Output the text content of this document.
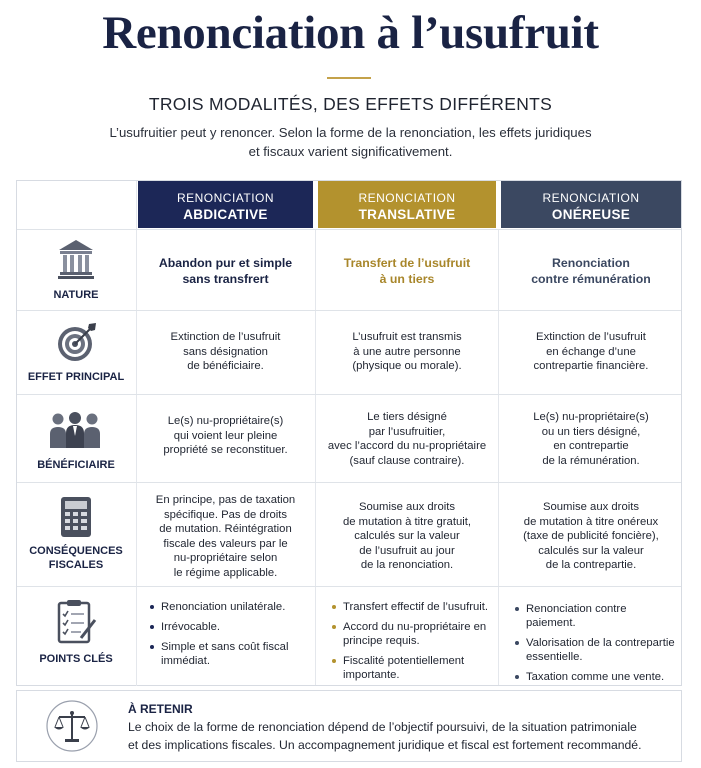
Renonciation à l’usufruit
TROIS MODALITÉS, DES EFFETS DIFFÉRENTS
L’usufruitier peut y renoncer. Selon la forme de la renonciation, les effets juridiques
et fiscaux varient significativement.
RENONCIATION
ABDICATIVE
RENONCIATION
TRANSLATIVE
RENONCIATION
ONÉREUSE
NATURE
Abandon pur et simple
sans transfrert
Transfert de l’usufruit
à un tiers
Renonciation
contre rémunération
EFFET PRINCIPAL
Extinction de l’usufruit
sans désignation
de bénéficiaire.
L’usufruit est transmis
à une autre personne
(physique ou morale).
Extinction de l’usufruit
en échange d’une
contrepartie financière.
BÉNÉFICIAIRE
Le(s) nu-propriétaire(s)
qui voient leur pleine
propriété se reconstituer.
Le tiers désigné
par l’usufruitier,
avec l’accord du nu-propriétaire
(sauf clause contraire).
Le(s) nu-propriétaire(s)
ou un tiers désigné,
en contrepartie
de la rémunération.
CONSÉQUENCES
FISCALES
En principe, pas de taxation
spécifique. Pas de droits
de mutation. Réintégration
fiscale des valeurs par le
nu-propriétaire selon
le régime applicable.
Soumise aux droits
de mutation à titre gratuit,
calculés sur la valeur
de l’usufruit au jour
de la renonciation.
Soumise aux droits
de mutation à titre onéreux
(taxe de publicité foncière),
calculés sur la valeur
de la contrepartie.
POINTS CLÉS
Renonciation unilatérale.
Irrévocable.
Simple et sans coût fiscal immédiat.
Transfert effectif de l’usufruit.
Accord du nu-propriétaire en principe requis.
Fiscalité potentiellement importante.
Renonciation contre paiement.
Valorisation de la contrepartie essentielle.
Taxation comme une vente.
À RETENIR
Le choix de la forme de renonciation dépend de l’objectif poursuivi, de la situation patrimoniale
et des implications fiscales. Un accompagnement juridique et fiscal est fortement recommandé.
